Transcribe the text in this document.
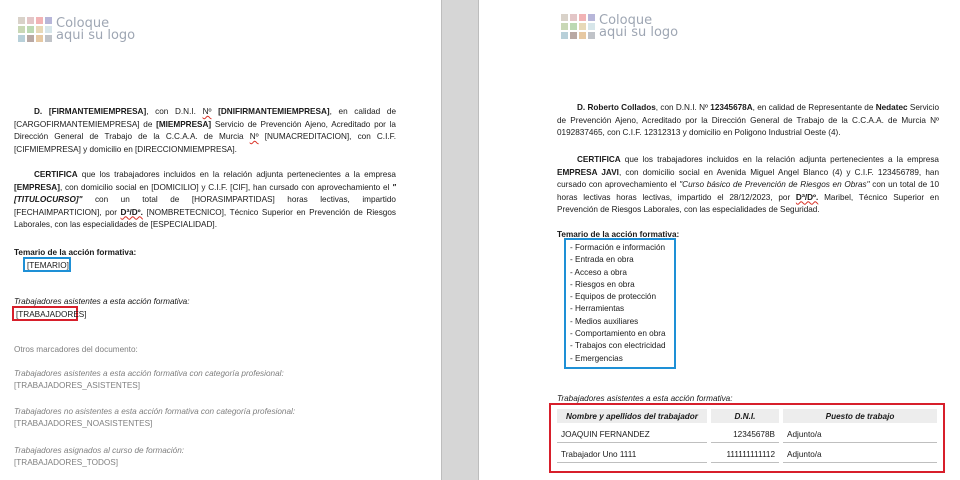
Coloque
aqui su logo
D. [FIRMANTEMIEMPRESA], con D.N.I. Nº [DNIFIRMANTEMIEMPRESA], en calidad de [CARGOFIRMANTEMIEMPRESA] de [MIEMPRESA] Servicio de Prevención Ajeno, Acreditado por la Dirección General de Trabajo de la C.C.A.A. de Murcia Nº [NUMACREDITACION], con C.I.F. [CIFMIEMPRESA] y domicilio en [DIRECCIONMIEMPRESA].
CERTIFICA que los trabajadores incluidos en la relación adjunta pertenecientes a la empresa [EMPRESA], con domicilio social en [DOMICILIO] y C.I.F. [CIF], han cursado con aprovechamiento el "[TITULOCURSO]" con un total de [HORASIMPARTIDAS] horas lectivas, impartido [FECHAIMPARTICION], por Dª/Dº. [NOMBRETECNICO], Técnico Superior en Prevención de Riesgos Laborales, con las especialidades de [ESPECIALIDAD].
Temario de la acción formativa:
[TEMARIO]
Trabajadores asistentes a esta acción formativa:
[TRABAJADORES]
Otros marcadores del documento:
Trabajadores asistentes a esta acción formativa con categoría profesional:
[TRABAJADORES_ASISTENTES]
Trabajadores no asistentes a esta acción formativa con categoría profesional:
[TRABAJADORES_NOASISTENTES]
Trabajadores asignados al curso de formación:
[TRABAJADORES_TODOS]
Coloque
aqui su logo
D. Roberto Collados, con D.N.I. Nº 12345678A, en calidad de Representante de Nedatec Servicio de Prevención Ajeno, Acreditado por la Dirección General de Trabajo de la C.C.A.A. de Murcia Nº 0192837465, con C.I.F. 12312313 y domicilio en Poligono Industrial Oeste (4).
CERTIFICA que los trabajadores incluidos en la relación adjunta pertenecientes a la empresa EMPRESA JAVI, con domicilio social en Avenida Miguel Angel Blanco (4) y C.I.F. 123456789, han cursado con aprovechamiento el "Curso básico de Prevención de Riesgos en Obras" con un total de 10 horas lectivas horas lectivas, impartido el 28/12/2023, por Dª/Dº. Maribel, Técnico Superior en Prevención de Riesgos Laborales, con las especialidades de Seguridad.
Temario de la acción formativa:
- Formación e información
- Entrada en obra
- Acceso a obra
- Riesgos en obra
- Equipos de protección
- Herramientas
- Medios auxiliares
- Comportamiento en obra
- Trabajos con electricidad
- Emergencias
Trabajadores asistentes a esta acción formativa:
Nombre y apellidos del trabajador	D.N.I.	Puesto de trabajo
JOAQUIN FERNANDEZ	12345678B	Adjunto/a
Trabajador Uno 1111	111111111112	Adjunto/a
